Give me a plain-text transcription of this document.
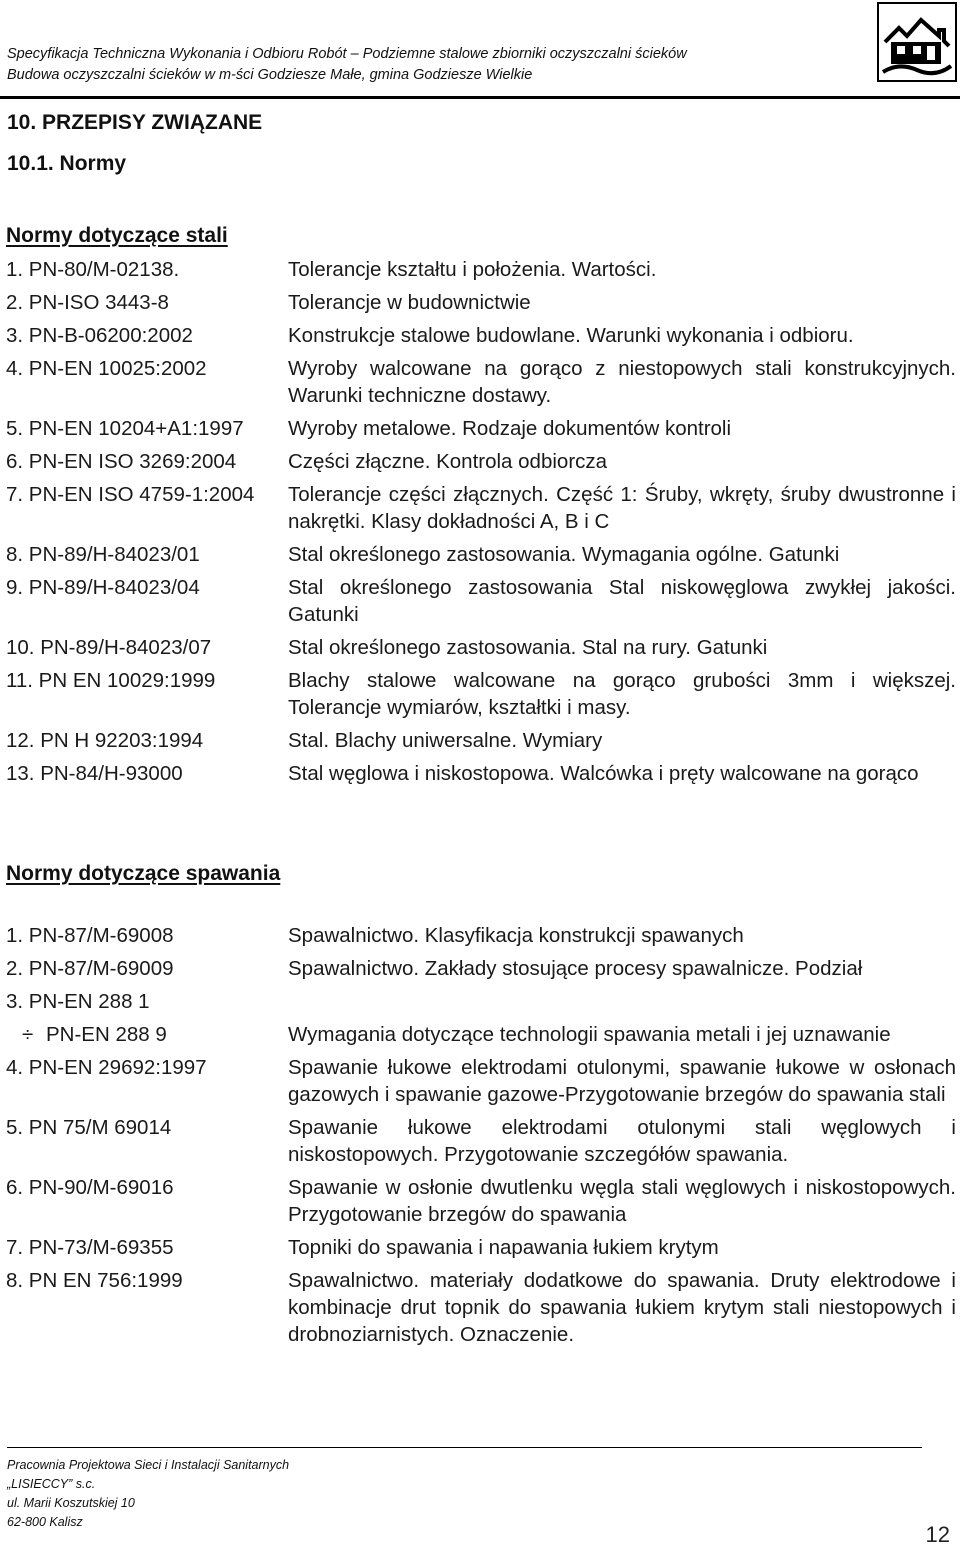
Specyfikacja Techniczna Wykonania i Odbioru Robót – Podziemne stalowe zbiorniki oczyszczalni ścieków
Budowa oczyszczalni ścieków w m-ści Godziesze Małe, gmina Godziesze Wielkie
10. PRZEPISY ZWIĄZANE
10.1. Normy
Normy dotyczące stali
1. PN-80/M-02138.	Tolerancje kształtu i położenia. Wartości.
2. PN-ISO 3443-8	Tolerancje w budownictwie
3. PN-B-06200:2002	Konstrukcje stalowe budowlane. Warunki wykonania i odbioru.
4. PN-EN 10025:2002	Wyroby walcowane na gorąco z niestopowych stali konstrukcyjnych. Warunki techniczne dostawy.
5. PN-EN 10204+A1:1997	Wyroby metalowe. Rodzaje dokumentów kontroli
6. PN-EN ISO 3269:2004	Części złączne. Kontrola odbiorcza
7. PN-EN ISO 4759-1:2004	Tolerancje części złącznych. Część 1: Śruby, wkręty, śruby dwustronne i nakrętki. Klasy dokładności A, B i C
8. PN-89/H-84023/01	Stal określonego zastosowania. Wymagania ogólne. Gatunki
9. PN-89/H-84023/04	Stal określonego zastosowania Stal niskowęglowa zwykłej jakości. Gatunki
10. PN-89/H-84023/07	Stal określonego zastosowania. Stal na rury. Gatunki
11. PN EN 10029:1999	Blachy stalowe walcowane na gorąco grubości 3mm i większej. Tolerancje wymiarów, kształtki i masy.
12. PN H 92203:1994	Stal. Blachy uniwersalne. Wymiary
13. PN-84/H-93000	Stal węglowa i niskostopowa. Walcówka i pręty walcowane na gorąco
Normy dotyczące spawania
1. PN-87/M-69008	Spawalnictwo. Klasyfikacja konstrukcji spawanych
2. PN-87/M-69009	Spawalnictwo. Zakłady stosujące procesy spawalnicze. Podział
3. PN-EN 288 1
÷ PN-EN 288 9	Wymagania dotyczące technologii spawania metali i jej uznawanie
4. PN-EN 29692:1997	Spawanie łukowe elektrodami otulonymi, spawanie łukowe w osłonach gazowych i spawanie gazowe-Przygotowanie brzegów do spawania stali
5. PN 75/M 69014	Spawanie łukowe elektrodami otulonymi stali węglowych i niskostopowych. Przygotowanie szczegółów spawania.
6. PN-90/M-69016	Spawanie w osłonie dwutlenku węgla stali węglowych i niskostopowych. Przygotowanie brzegów do spawania
7. PN-73/M-69355	Topniki do spawania i napawania łukiem krytym
8. PN EN 756:1999	Spawalnictwo. materiały dodatkowe do spawania. Druty elektrodowe i kombinacje drut topnik do spawania łukiem krytym stali niestopowych i drobnoziarnistych. Oznaczenie.
Pracownia Projektowa Sieci i Instalacji Sanitarnych
„LISIECCY” s.c.
ul. Marii Koszutskiej 10
62-800 Kalisz	12
